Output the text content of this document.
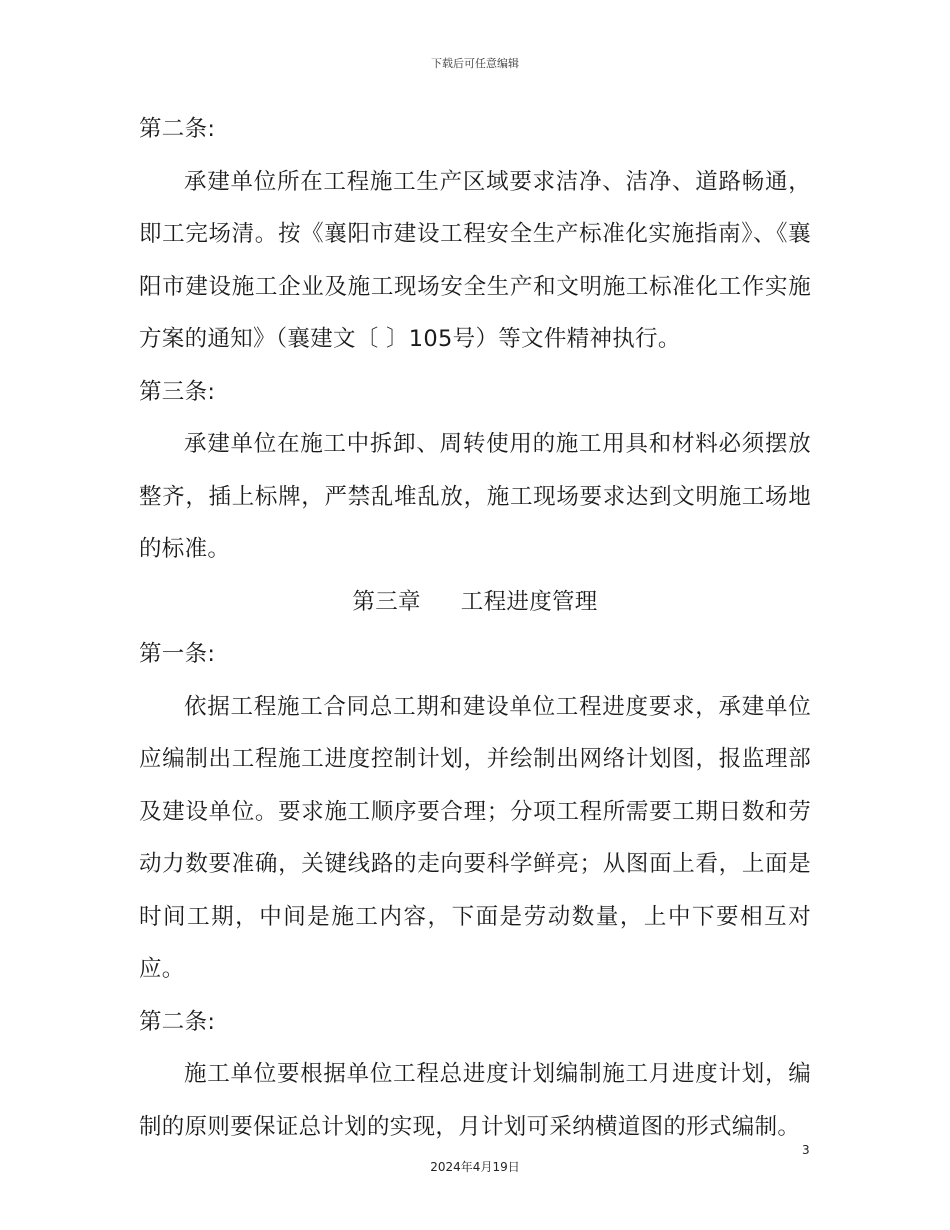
下载后可任意编辑

第二条:

承建单位所在工程施工生产区域要求洁净、洁净、道路畅通，即工完场清。按《襄阳市建设工程安全生产标准化实施指南》、《襄阳市建设施工企业及施工现场安全生产和文明施工标准化工作实施方案的通知》（襄建文〔 〕105号）等文件精神执行。

第三条:

承建单位在施工中拆卸、周转使用的施工用具和材料必须摆放整齐，插上标牌，严禁乱堆乱放，施工现场要求达到文明施工场地的标准。

第三章 工程进度管理

第一条:

依据工程施工合同总工期和建设单位工程进度要求，承建单位应编制出工程施工进度控制计划，并绘制出网络计划图，报监理部及建设单位。要求施工顺序要合理；分项工程所需要工期日数和劳动力数要准确，关键线路的走向要科学鲜亮；从图面上看，上面是时间工期，中间是施工内容，下面是劳动数量，上中下要相互对应。

第二条:

施工单位要根据单位工程总进度计划编制施工月进度计划，编制的原则要保证总计划的实现，月计划可采纳横道图的形式编制。

3
2024年4月19日
